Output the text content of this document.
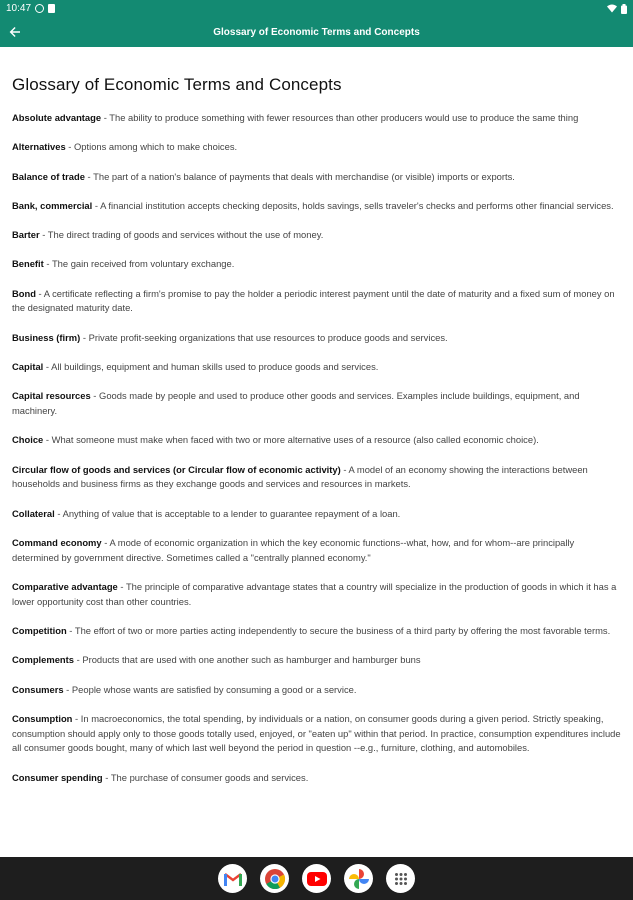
10:47
Glossary of Economic Terms and Concepts
Glossary of Economic Terms and Concepts

Absolute advantage - The ability to produce something with fewer resources than other producers would use to produce the same thing

Alternatives - Options among which to make choices.

Balance of trade - The part of a nation's balance of payments that deals with merchandise (or visible) imports or exports.

Bank, commercial - A financial institution accepts checking deposits, holds savings, sells traveler's checks and performs other financial services.

Barter - The direct trading of goods and services without the use of money.

Benefit - The gain received from voluntary exchange.

Bond - A certificate reflecting a firm's promise to pay the holder a periodic interest payment until the date of maturity and a fixed sum of money on the designated maturity date.

Business (firm) - Private profit-seeking organizations that use resources to produce goods and services.

Capital - All buildings, equipment and human skills used to produce goods and services.

Capital resources - Goods made by people and used to produce other goods and services. Examples include buildings, equipment, and machinery.

Choice - What someone must make when faced with two or more alternative uses of a resource (also called economic choice).

Circular flow of goods and services (or Circular flow of economic activity) - A model of an economy showing the interactions between households and business firms as they exchange goods and services and resources in markets.

Collateral - Anything of value that is acceptable to a lender to guarantee repayment of a loan.

Command economy - A mode of economic organization in which the key economic functions--what, how, and for whom--are principally determined by government directive. Sometimes called a "centrally planned economy."

Comparative advantage - The principle of comparative advantage states that a country will specialize in the production of goods in which it has a lower opportunity cost than other countries.

Competition - The effort of two or more parties acting independently to secure the business of a third party by offering the most favorable terms.

Complements - Products that are used with one another such as hamburger and hamburger buns

Consumers - People whose wants are satisfied by consuming a good or a service.

Consumption - In macroeconomics, the total spending, by individuals or a nation, on consumer goods during a given period. Strictly speaking, consumption should apply only to those goods totally used, enjoyed, or "eaten up" within that period. In practice, consumption expenditures include all consumer goods bought, many of which last well beyond the period in question --e.g., furniture, clothing, and automobiles.

Consumer spending - The purchase of consumer goods and services.
